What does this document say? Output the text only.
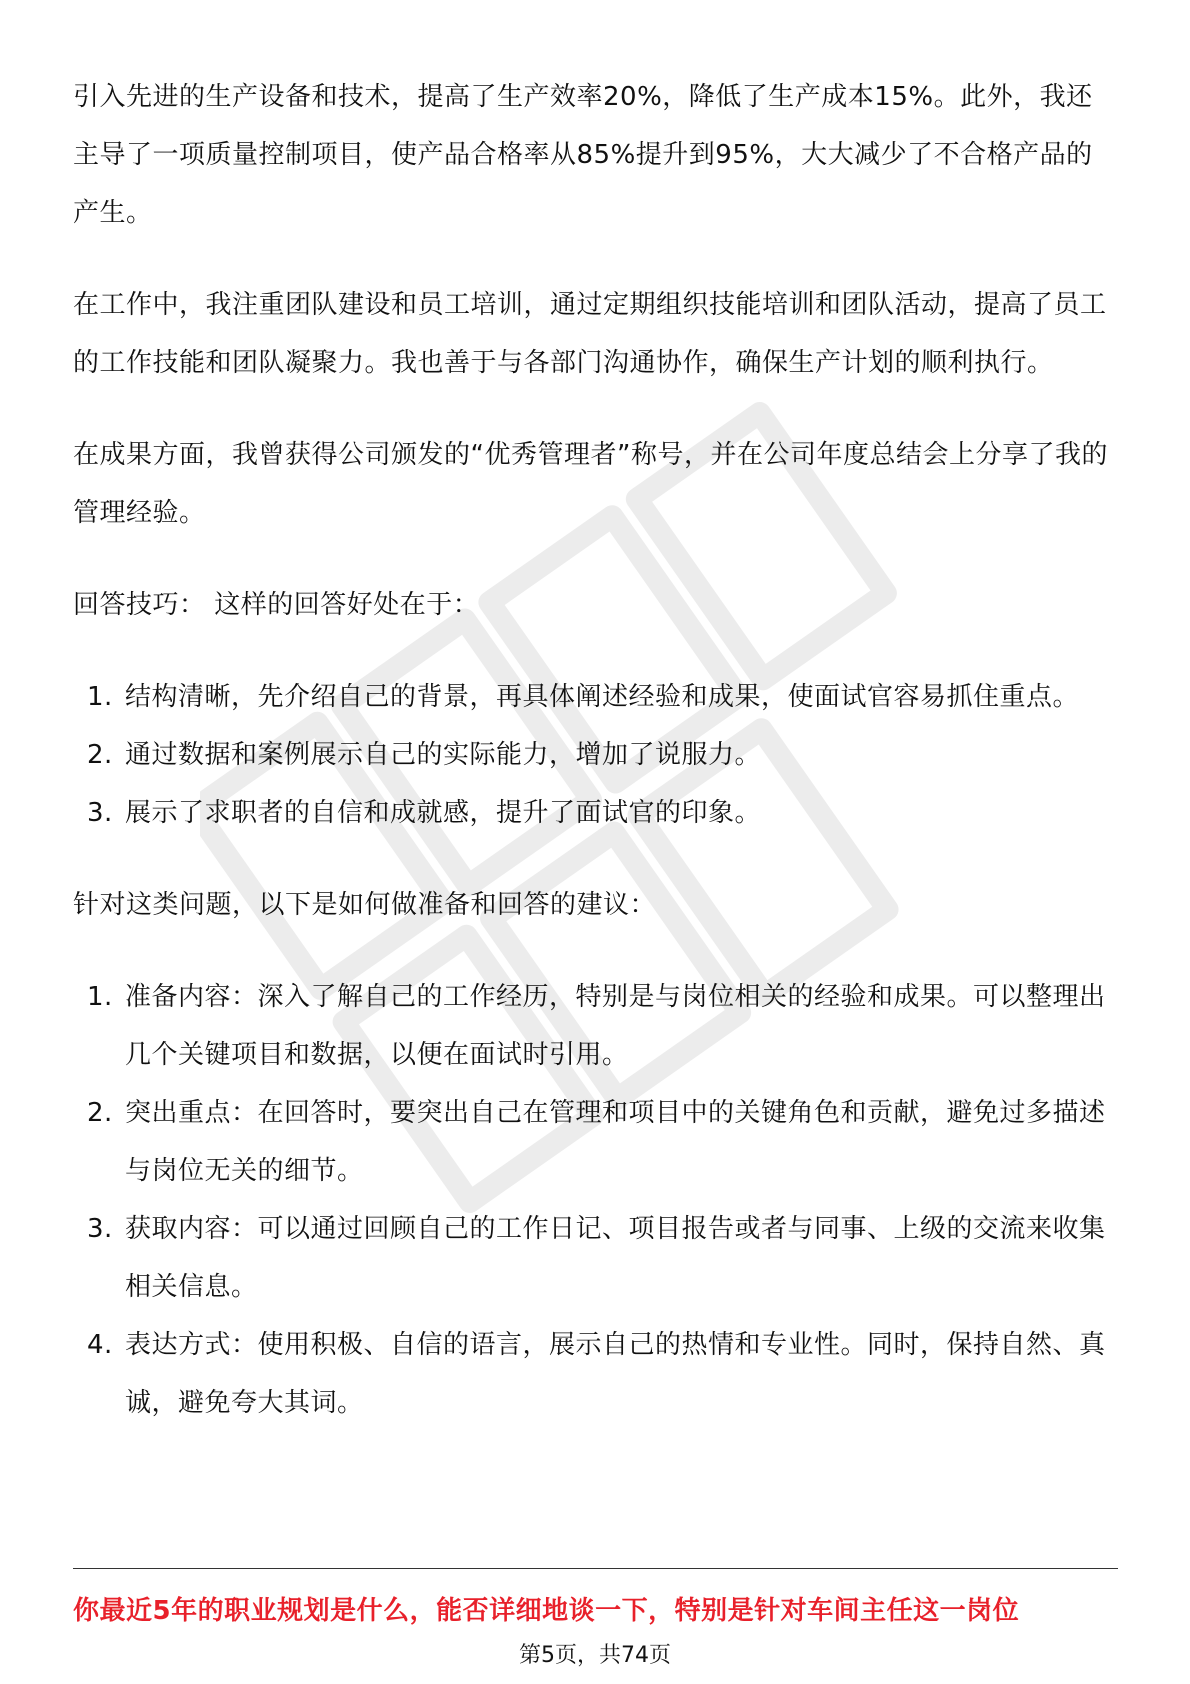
引入先进的生产设备和技术，提高了生产效率20%，降低了生产成本15%。此外，我还主导了一项质量控制项目，使产品合格率从85%提升到95%，大大减少了不合格产品的产生。

在工作中，我注重团队建设和员工培训，通过定期组织技能培训和团队活动，提高了员工的工作技能和团队凝聚力。我也善于与各部门沟通协作，确保生产计划的顺利执行。

在成果方面，我曾获得公司颁发的“优秀管理者”称号，并在公司年度总结会上分享了我的管理经验。

回答技巧： 这样的回答好处在于：

1. 结构清晰，先介绍自己的背景，再具体阐述经验和成果，使面试官容易抓住重点。
2. 通过数据和案例展示自己的实际能力，增加了说服力。
3. 展示了求职者的自信和成就感，提升了面试官的印象。

针对这类问题，以下是如何做准备和回答的建议：

1. 准备内容：深入了解自己的工作经历，特别是与岗位相关的经验和成果。可以整理出几个关键项目和数据，以便在面试时引用。
2. 突出重点：在回答时，要突出自己在管理和项目中的关键角色和贡献，避免过多描述与岗位无关的细节。
3. 获取内容：可以通过回顾自己的工作日记、项目报告或者与同事、上级的交流来收集相关信息。
4. 表达方式：使用积极、自信的语言，展示自己的热情和专业性。同时，保持自然、真诚，避免夸大其词。
你最近5年的职业规划是什么，能否详细地谈一下，特别是针对车间主任这一岗位
第5页，共74页
